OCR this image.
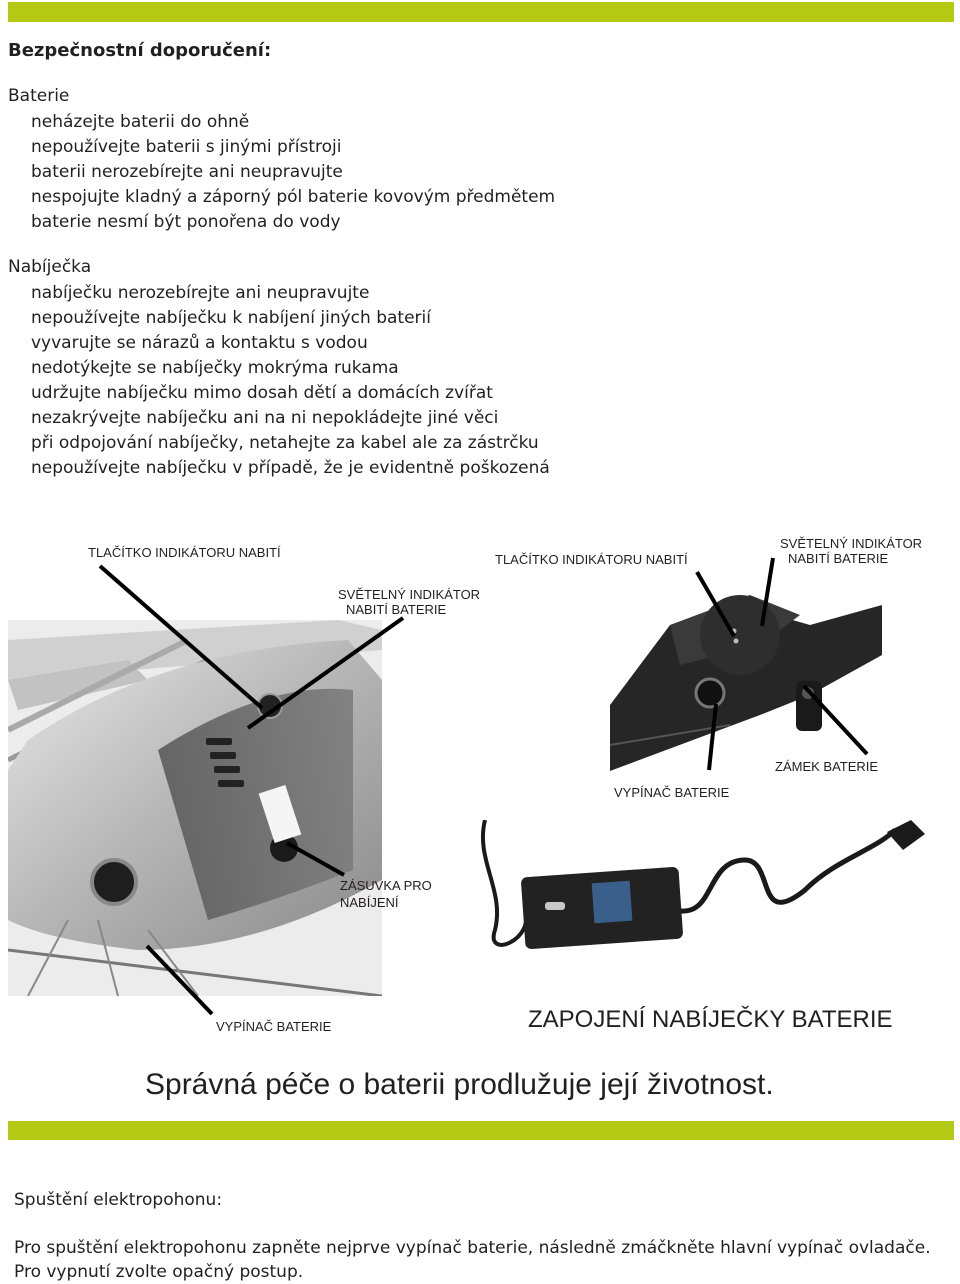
Bezpečnostní doporučení:
Baterie
neházejte baterii do ohně
nepoužívejte baterii s jinými přístroji
baterii nerozebírejte ani neupravujte
nespojujte kladný a záporný pól baterie kovovým předmětem
baterie nesmí být ponořena do vody
Nabíječka
nabíječku nerozebírejte ani neupravujte
nepoužívejte nabíječku k nabíjení jiných baterií
vyvarujte se nárazů a kontaktu s vodou
nedotýkejte se nabíječky mokrýma rukama
udržujte nabíječku mimo dosah dětí a domácích zvířat
nezakrývejte nabíječku ani na ni nepokládejte jiné věci
při odpojování nabíječky, netahejte za kabel ale za zástrčku
nepoužívejte nabíječku v případě, že je evidentně poškozená
TLAČÍTKO INDIKÁTORU NABITÍ
SVĚTELNÝ INDIKÁTOR
NABITÍ BATERIE
TLAČÍTKO INDIKÁTORU NABITÍ
SVĚTELNÝ INDIKÁTOR
NABITÍ BATERIE
ZÁMEK BATERIE
VYPÍNAČ BATERIE
ZÁSUVKA PRO
NABÍJENÍ
VYPÍNAČ BATERIE	ZAPOJENÍ NABÍJEČKY BATERIE
Správná péče o baterii prodlužuje její životnost.
Spuštění elektropohonu:
Pro spuštění elektropohonu zapněte nejprve vypínač baterie, následně zmáčkněte hlavní vypínač ovladače.
Pro vypnutí zvolte opačný postup.
